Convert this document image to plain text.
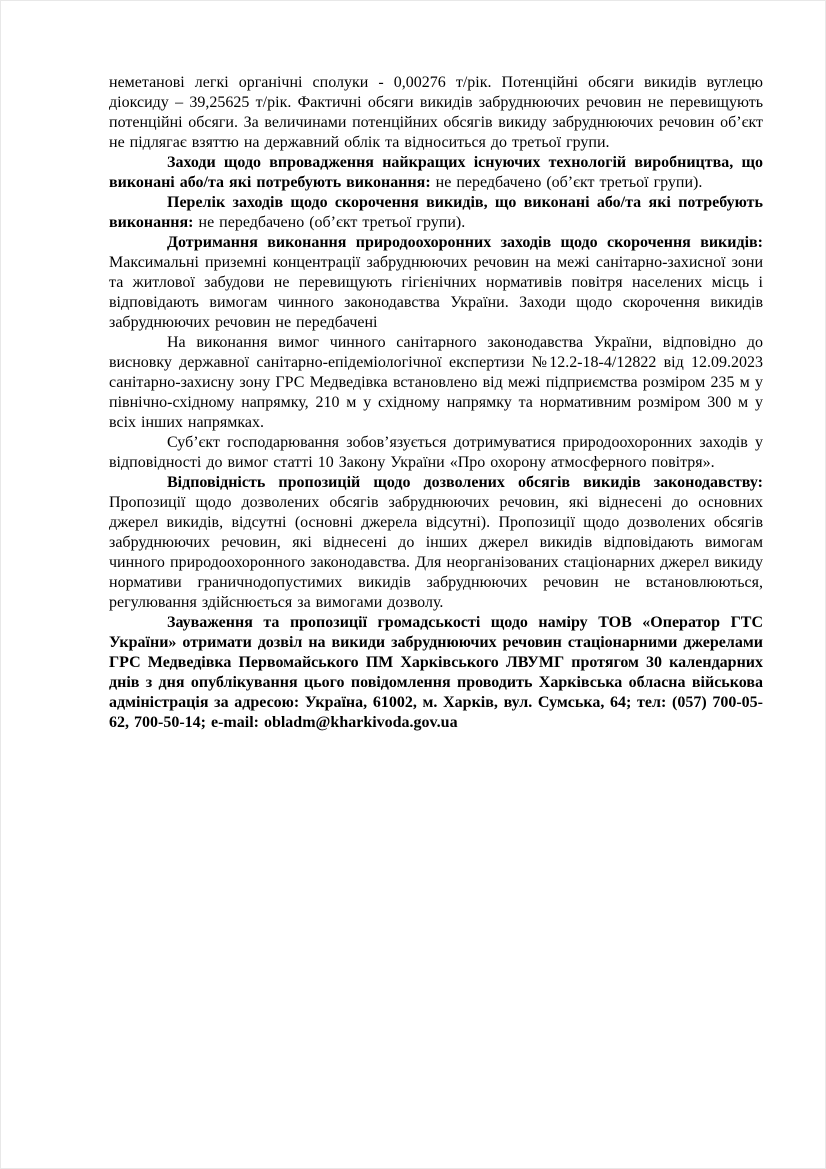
неметанові легкі органічні сполуки - 0,00276 т/рік. Потенційні обсяги викидів вуглецю діоксиду – 39,25625 т/рік. Фактичні обсяги викидів забруднюючих речовин не перевищують потенційні обсяги. За величинами потенційних обсягів викиду забруднюючих речовин об’єкт не підлягає взяттю на державний облік та відноситься до третьої групи.

Заходи щодо впровадження найкращих існуючих технологій виробництва, що виконані або/та які потребують виконання: не передбачено (об’єкт третьої групи).

Перелік заходів щодо скорочення викидів, що виконані або/та які потребують виконання: не передбачено (об’єкт третьої групи).

Дотримання виконання природоохоронних заходів щодо скорочення викидів: Максимальні приземні концентрації забруднюючих речовин на межі санітарно-захисної зони та житлової забудови не перевищують гігієнічних нормативів повітря населених місць і відповідають вимогам чинного законодавства України. Заходи щодо скорочення викидів забруднюючих речовин не передбачені

На виконання вимог чинного санітарного законодавства України, відповідно до висновку державної санітарно-епідеміологічної експертизи №12.2-18-4/12822 від 12.09.2023 санітарно-захисну зону ГРС Медведівка встановлено від межі підприємства розміром 235 м у північно-східному напрямку, 210 м у східному напрямку та нормативним розміром 300 м у всіх інших напрямках.

Суб’єкт господарювання зобов’язується дотримуватися природоохоронних заходів у відповідності до вимог статті 10 Закону України «Про охорону атмосферного повітря».

Відповідність пропозицій щодо дозволених обсягів викидів законодавству: Пропозиції щодо дозволених обсягів забруднюючих речовин, які віднесені до основних джерел викидів, відсутні (основні джерела відсутні). Пропозиції щодо дозволених обсягів забруднюючих речовин, які віднесені до інших джерел викидів відповідають вимогам чинного природоохоронного законодавства. Для неорганізованих стаціонарних джерел викиду нормативи граничнодопустимих викидів забруднюючих речовин не встановлюються, регулювання здійснюється за вимогами дозволу.

Зауваження та пропозиції громадськості щодо наміру ТОВ «Оператор ГТС України» отримати дозвіл на викиди забруднюючих речовин стаціонарними джерелами ГРС Медведівка Первомайського ПМ Харківського ЛВУМГ протягом 30 календарних днів з дня опублікування цього повідомлення проводить Харківська обласна військова адміністрація за адресою: Україна, 61002, м. Харків, вул. Сумська, 64; тел: (057) 700-05-62, 700-50-14; e-mail: obladm@kharkivoda.gov.ua
